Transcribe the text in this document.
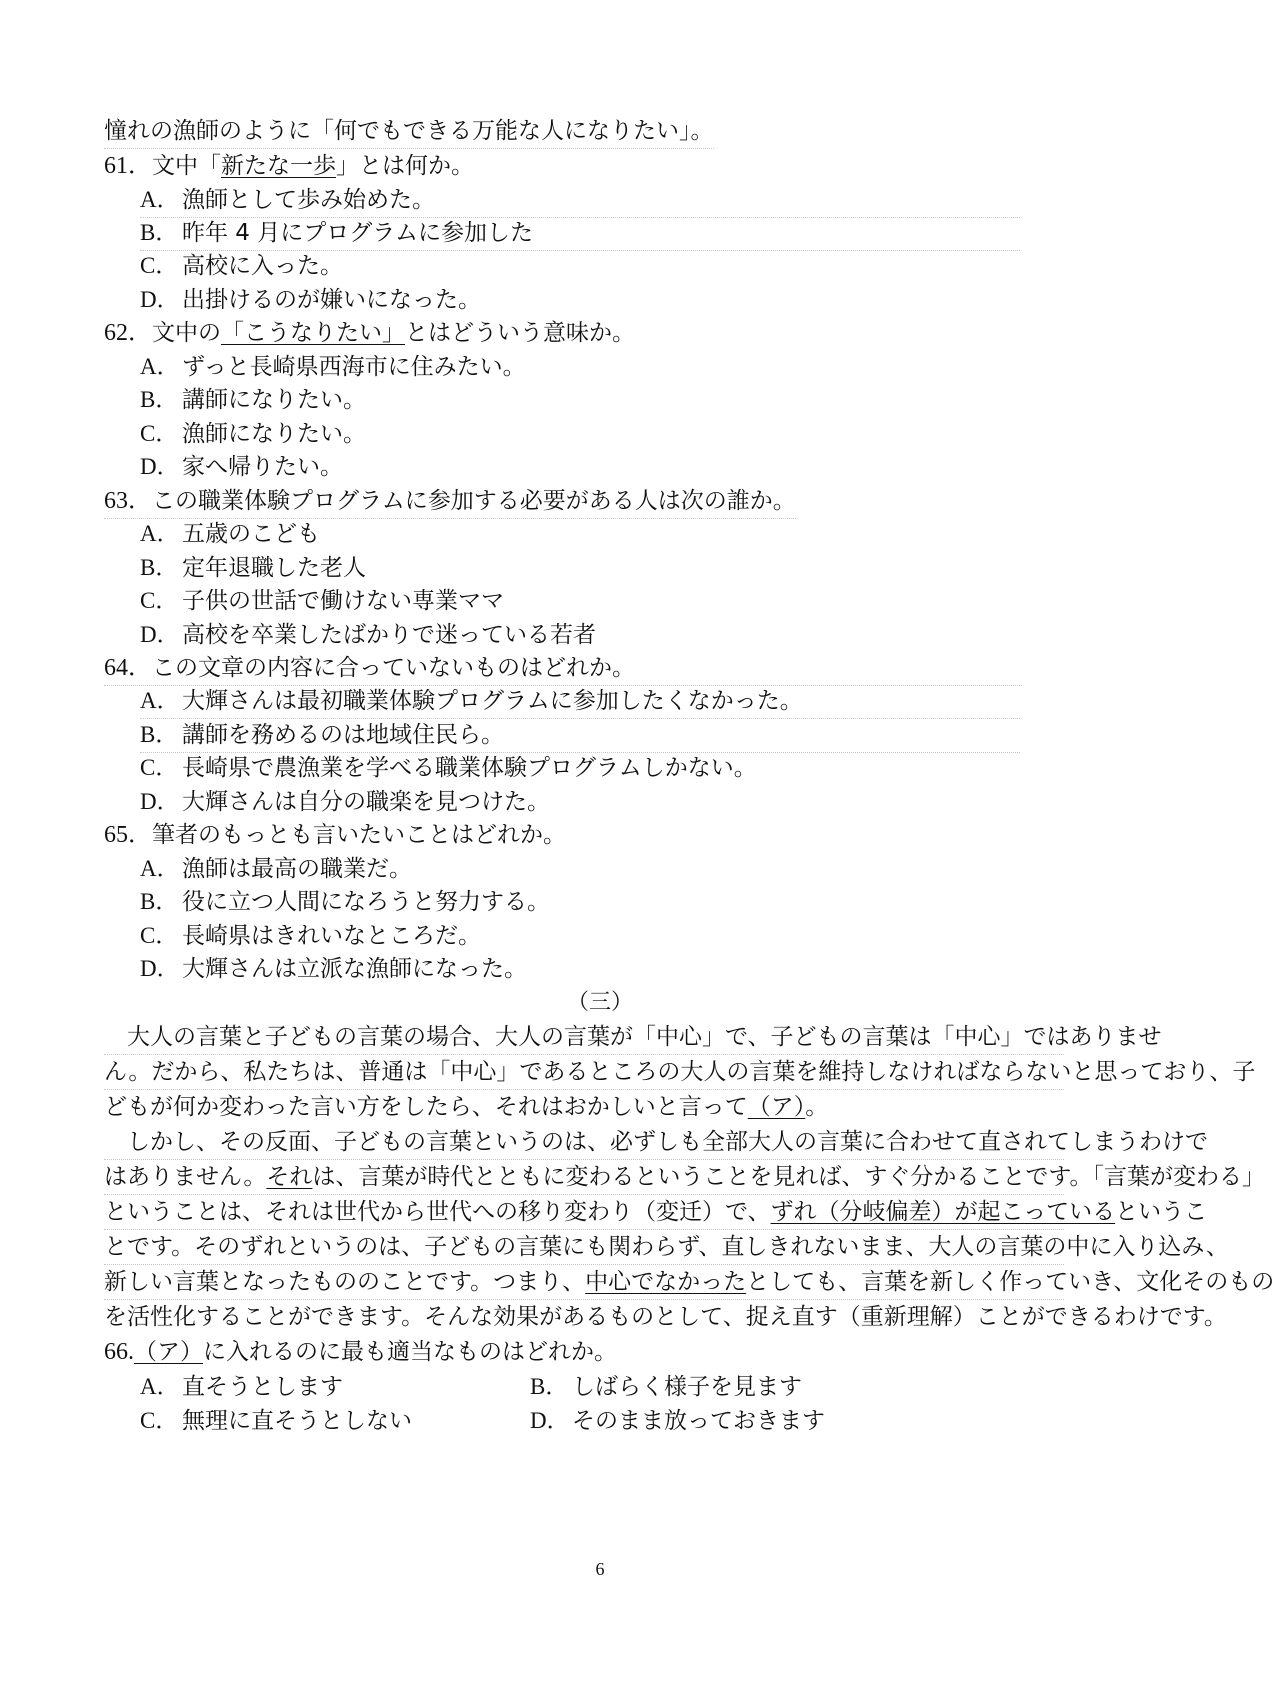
憧れの漁師のように「何でもできる万能な人になりたい」。
61．文中「新たな一歩」とは何か。
A． 漁師として歩み始めた。
B． 昨年 4 月にプログラムに参加した
C． 高校に入った。
D． 出掛けるのが嫌いになった。
62．文中の「こうなりたい」とはどういう意味か。
A． ずっと長崎県西海市に住みたい。
B． 講師になりたい。
C． 漁師になりたい。
D． 家へ帰りたい。
63．この職業体験プログラムに参加する必要がある人は次の誰か。
A． 五歳のこども
B． 定年退職した老人
C． 子供の世話で働けない専業ママ
D． 高校を卒業したばかりで迷っている若者
64．この文章の内容に合っていないものはどれか。
A． 大輝さんは最初職業体験プログラムに参加したくなかった。
B． 講師を務めるのは地域住民ら。
C． 長崎県で農漁業を学べる職業体験プログラムしかない。
D． 大輝さんは自分の職楽を見つけた。
65．筆者のもっとも言いたいことはどれか。
A． 漁師は最高の職業だ。
B． 役に立つ人間になろうと努力する。
C． 長崎県はきれいなところだ。
D． 大輝さんは立派な漁師になった。
（三）
　大人の言葉と子どもの言葉の場合、大人の言葉が「中心」で、子どもの言葉は「中心」ではありませ
ん。だから、私たちは、普通は「中心」であるところの大人の言葉を維持しなければならないと思っており、子
どもが何か変わった言い方をしたら、それはおかしいと言って（ア）。
　しかし、その反面、子どもの言葉というのは、必ずしも全部大人の言葉に合わせて直されてしまうわけで
はありません。それは、言葉が時代とともに変わるということを見れば、すぐ分かることです。「言葉が変わる」
ということは、それは世代から世代への移り変わり（変迁）で、ずれ（分岐偏差）が起こっているというこ
とです。そのずれというのは、子どもの言葉にも関わらず、直しきれないまま、大人の言葉の中に入り込み、
新しい言葉となったもののことです。つまり、中心でなかったとしても、言葉を新しく作っていき、文化そのもの
を活性化することができます。そんな効果があるものとして、捉え直す（重新理解）ことができるわけです。
66.（ア）に入れるのに最も適当なものはどれか。
A． 直そうとします	B． しばらく様子を見ます
C． 無理に直そうとしない	D． そのまま放っておきます
6
